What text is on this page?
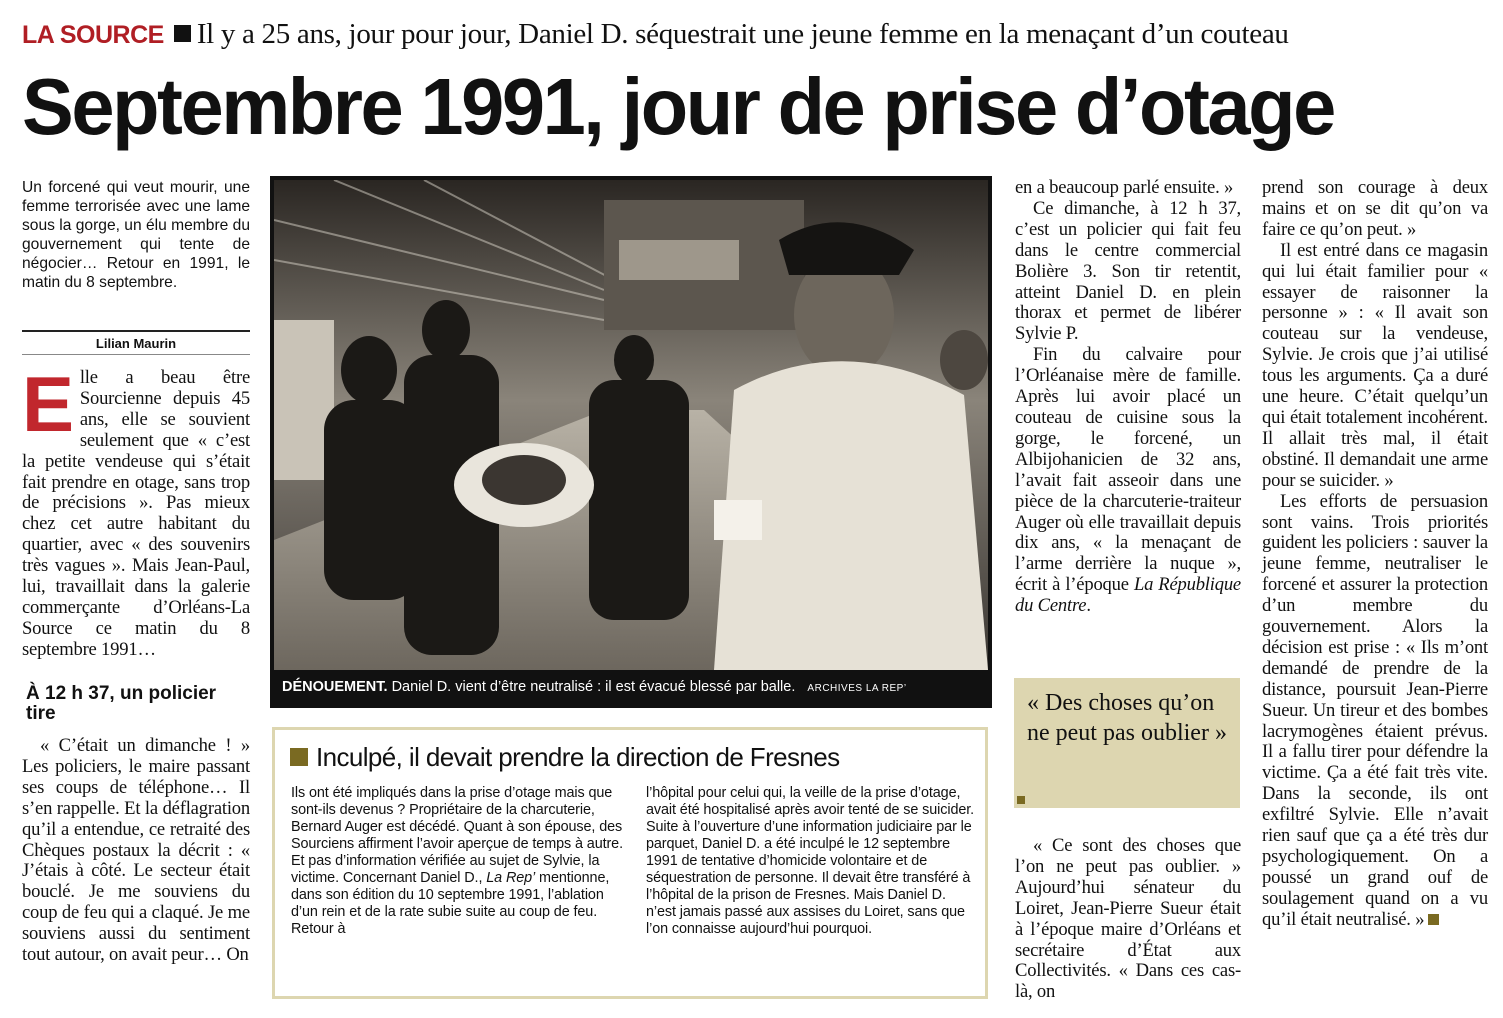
LA SOURCE Il y a 25 ans, jour pour jour, Daniel D. séquestrait une jeune femme en la menaçant d’un couteau
Septembre 1991, jour de prise d’otage
Un forcené qui veut mourir, une femme terrorisée avec une lame sous la gorge, un élu membre du gouvernement qui tente de négocier… Retour en 1991, le matin du 8 septembre.
Lilian Maurin

Elle a beau être Sourcienne depuis 45 ans, elle se souvient seulement que « c’est la petite vendeuse qui s’était fait prendre en otage, sans trop de précisions ». Pas mieux chez cet autre habitant du quartier, avec « des souvenirs très vagues ». Mais Jean-Paul, lui, travaillait dans la galerie commerçante d’Orléans-La Source ce matin du 8 septembre 1991…

À 12 h 37, un policier tire

« C’était un dimanche ! » Les policiers, le maire passant ses coups de téléphone… Il s’en rappelle. Et la déflagration qu’il a entendue, ce retraité des Chèques postaux la décrit : « J’étais à côté. Le secteur était bouclé. Je me souviens du coup de feu qui a claqué. Je me souviens aussi du sentiment tout autour, on avait peur… On

DÉNOUEMENT. Daniel D. vient d’être neutralisé : il est évacué blessé par balle. ARCHIVES LA REP’
Inculpé, il devait prendre la direction de Fresnes
Ils ont été impliqués dans la prise d’otage mais que sont-ils devenus ? Propriétaire de la charcuterie, Bernard Auger est décédé. Quant à son épouse, des Sourciens affirment l’avoir aperçue de temps à autre. Et pas d’information vérifiée au sujet de Sylvie, la victime. Concernant Daniel D., La Rep’ mentionne, dans son édition du 10 septembre 1991, l’ablation d’un rein et de la rate subie suite au coup de feu. Retour à
l’hôpital pour celui qui, la veille de la prise d’otage, avait été hospitalisé après avoir tenté de se suicider. Suite à l’ouverture d’une information judiciaire par le parquet, Daniel D. a été inculpé le 12 septembre 1991 de tentative d’homicide volontaire et de séquestration de personne. Il devait être transféré à l’hôpital de la prison de Fresnes. Mais Daniel D. n’est jamais passé aux assises du Loiret, sans que l’on connaisse aujourd’hui pourquoi.

en a beaucoup parlé ensuite. »

Ce dimanche, à 12 h 37, c’est un policier qui fait feu dans le centre commercial Bolière 3. Son tir retentit, atteint Daniel D. en plein thorax et permet de libérer Sylvie P.

Fin du calvaire pour l’Orléanaise mère de famille. Après lui avoir placé un couteau de cuisine sous la gorge, le forcené, un Albijohanicien de 32 ans, l’avait fait asseoir dans une pièce de la charcuterie-traiteur Auger où elle travaillait depuis dix ans, « la menaçant de l’arme derrière la nuque », écrit à l’époque La République du Centre.

« Des choses qu’on ne peut pas oublier »

« Ce sont des choses que l’on ne peut pas oublier. » Aujourd’hui sénateur du Loiret, Jean-Pierre Sueur était à l’époque maire d’Orléans et secrétaire d’État aux Collectivités. « Dans ces cas-là, on

prend son courage à deux mains et on se dit qu’on va faire ce qu’on peut. »

Il est entré dans ce magasin qui lui était familier pour « essayer de raisonner la personne » : « Il avait son couteau sur la vendeuse, Sylvie. Je crois que j’ai utilisé tous les arguments. Ça a duré une heure. C’était quelqu’un qui était totalement incohérent. Il allait très mal, il était obstiné. Il demandait une arme pour se suicider. »

Les efforts de persuasion sont vains. Trois priorités guident les policiers : sauver la jeune femme, neutraliser le forcené et assurer la protection d’un membre du gouvernement. Alors la décision est prise : « Ils m’ont demandé de prendre de la distance, poursuit Jean-Pierre Sueur. Un tireur et des bombes lacrymogènes étaient prévus. Il a fallu tirer pour défendre la victime. Ça a été fait très vite. Dans la seconde, ils ont exfiltré Sylvie. Elle n’avait rien sauf que ça a été très dur psychologiquement. On a poussé un grand ouf de soulagement quand on a vu qu’il était neutralisé. »
